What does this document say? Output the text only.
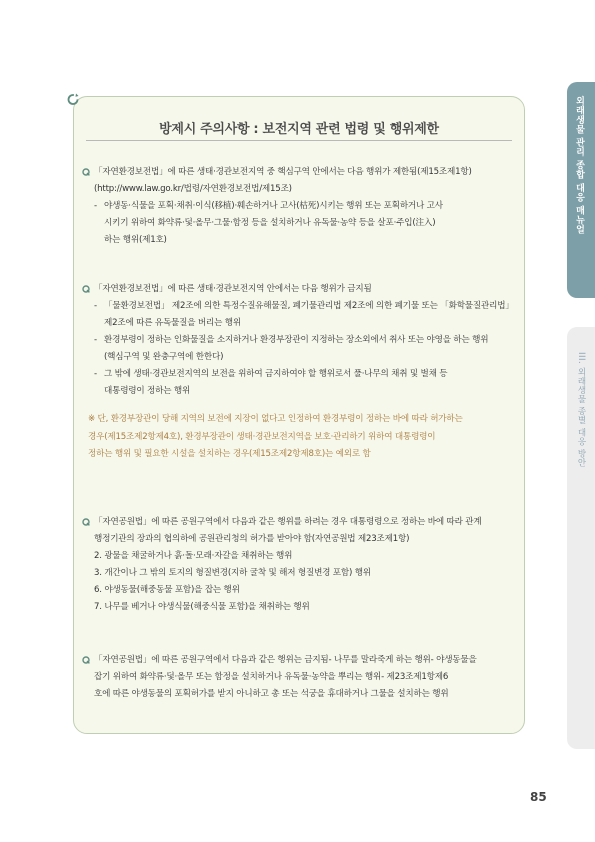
외래생물 관리 종합 대응 매뉴얼
III. 외래생물 종별 대응 방안
방제시 주의사항 : 보전지역 관련 법령 및 행위제한
「자연환경보전법」에 따른 생태·경관보전지역 중 핵심구역 안에서는 다음 행위가 제한됨(제15조제1항)
(http://www.law.go.kr/법령/자연환경보전법/제15조)
- 야생동·식물을 포획·채취·이식(移植)·훼손하거나 고사(枯死)시키는 행위 또는 포획하거나 고사
시키기 위하여 화약류·덫·올무·그물·함정 등을 설치하거나 유독물·농약 등을 살포·주입(注入)
하는 행위(제1호)
「자연환경보전법」에 따른 생태·경관보전지역 안에서는 다음 행위가 금지됨
- 「물환경보전법」 제2조에 의한 특정수질유해물질, 폐기물관리법 제2조에 의한 폐기물 또는 「화학물질관리법」
제2조에 따른 유독물질을 버리는 행위
- 환경부령이 정하는 인화물질을 소지하거나 환경부장관이 지정하는 장소외에서 취사 또는 야영을 하는 행위
(핵심구역 및 완충구역에 한한다)
- 그 밖에 생태·경관보전지역의 보전을 위하여 금지하여야 할 행위로서 풀·나무의 채취 및 벌채 등
대통령령이 정하는 행위
※ 단, 환경부장관이 당해 지역의 보전에 지장이 없다고 인정하여 환경부령이 정하는 바에 따라 허가하는
경우(제15조제2항제4호), 환경부장관이 생태·경관보전지역을 보호·관리하기 위하여 대통령령이
정하는 행위 및 필요한 시설을 설치하는 경우(제15조제2항제8호)는 예외로 함
「자연공원법」에 따른 공원구역에서 다음과 같은 행위를 하려는 경우 대통령령으로 정하는 바에 따라 관계
행정기관의 장과의 협의하에 공원관리청의 허가를 받아야 함(자연공원법 제23조제1항)
2. 광물을 채굴하거나 흙·돌·모래·자갈을 채취하는 행위
3. 개간이나 그 밖의 토지의 형질변경(지하 굴착 및 해저 형질변경 포함) 행위
6. 야생동물(해중동물 포함)을 잡는 행위
7. 나무를 베거나 야생식물(해중식물 포함)을 채취하는 행위
「자연공원법」에 따른 공원구역에서 다음과 같은 행위는 금지됨- 나무를 말라죽게 하는 행위- 야생동물을
잡기 위하여 화약류·덫·올무 또는 함정을 설치하거나 유독물·농약을 뿌리는 행위- 제23조제1항제6
호에 따른 야생동물의 포획허가를 받지 아니하고 총 또는 석궁을 휴대하거나 그물을 설치하는 행위
85
